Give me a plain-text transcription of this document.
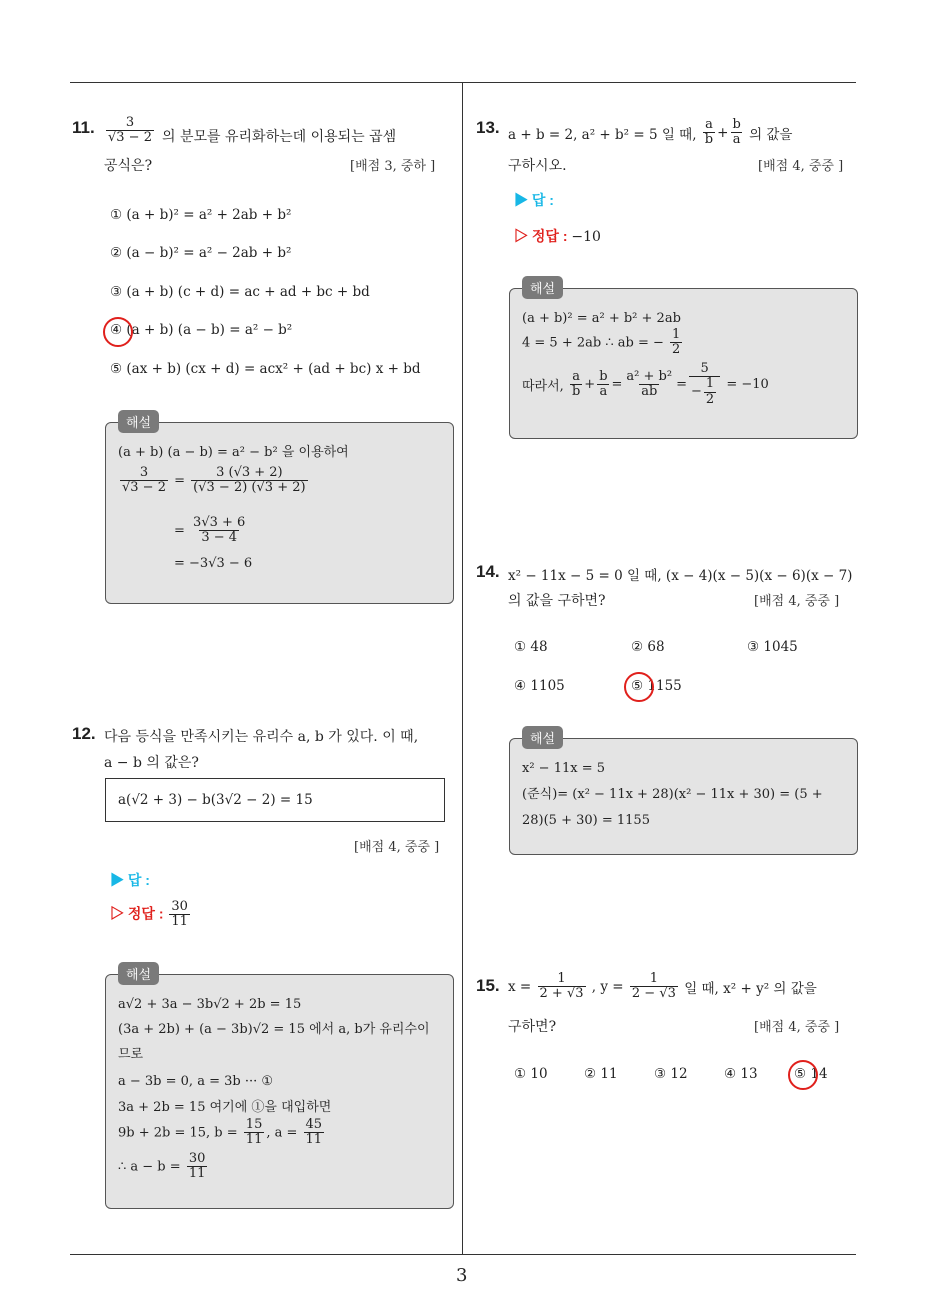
11. $\frac{3}{√3 - 2}$ 의 분모를 유리화하는데 이용되는 곱셈
공식은?	[배점 3, 중하 ]
① (a + b)² = a² + 2ab + b²
② (a − b)² = a² − 2ab + b²
③ (a + b) (c + d) = ac + ad + bc + bd
④ (a + b) (a − b) = a² − b²
⑤ (ax + b) (cx + d) = acx² + (ad + bc) x + bd
해설
(a + b) (a − b) = a² − b² 을 이용하여
$\frac{3}{√3 - 2} = \frac{3 (√3 + 2)}{(√3 - 2) (√3 + 2)}$
= $\frac{3√3 + 6}{3 - 4}$
= −3√3 − 6
12. 다음 등식을 만족시키는 유리수 a, b 가 있다. 이 때,
a − b 의 값은?
a(√2 + 3) − b(3√2 − 2) = 15
[배점 4, 중중 ]
▶ 답 :
▷ 정답 : $\frac{30}{11}$
해설
a√2 + 3a − 3b√2 + 2b = 15
(3a + 2b) + (a − 3b)√2 = 15 에서 a, b가 유리수이
므로
a − 3b = 0, a = 3b ··· ①
3a + 2b = 15 여기에 ①을 대입하면
9b + 2b = 15, $b = \frac{15}{11}$ , $a = \frac{45}{11}$
∴ $a - b = \frac{30}{11}$
13. a + b = 2, a² + b² = 5 일 때, $\frac{a}{b} + \frac{b}{a}$ 의 값을
구하시오.	[배점 4, 중중 ]
▶ 답 :
▷ 정답 : −10
해설
(a + b)² = a² + b² + 2ab
4 = 5 + 2ab ∴ ab = − $\frac{1}{2}$
따라서, $\frac{a}{b} + \frac{b}{a} = \frac{\text{a² + b²}}{ab} = \frac{5}{- \frac{1}{2}} = -10$
14. x² − 11x − 5 = 0 일 때, (x − 4)(x − 5)(x − 6)(x − 7)
의 값을 구하면?	[배점 4, 중중 ]
① 48	② 68	③ 1045
④ 1105	⑤ 1155
해설
x² − 11x = 5
(준식)= (x² − 11x + 28)(x² − 11x + 30) = (5 +
28)(5 + 30) = 1155
15. $x = \frac{1}{2 + √3}$ , $y = \frac{1}{2 - √3}$ 일 때, x² + y² 의 값을
구하면?	[배점 4, 중중 ]
① 10	② 11	③ 12	④ 13	⑤ 14
3
